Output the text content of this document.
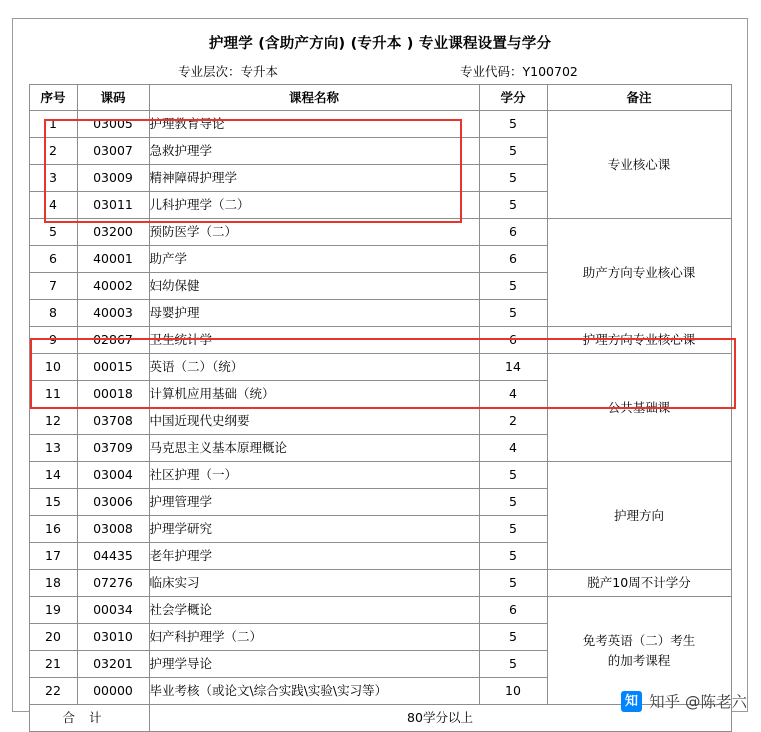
护理学 (含助产方向) (专升本 ) 专业课程设置与学分
专业层次：专升本	专业代码：Y100702
序号	课码	课程名称	学分	备注
1	03005	护理教育导论	5	专业核心课
2	03007	急救护理学	5	
3	03009	精神障碍护理学	5	
4	03011	儿科护理学（二）	5	
5	03200	预防医学（二）	6	助产方向专业核心课
6	40001	助产学	6	
7	40002	妇幼保健	5	
8	40003	母婴护理	5	
9	02867	卫生统计学	6	护理方向专业核心课
10	00015	英语（二）（统）	14	公共基础课
11	00018	计算机应用基础（统）	4	
12	03708	中国近现代史纲要	2	
13	03709	马克思主义基本原理概论	4	
14	03004	社区护理（一）	5	护理方向
15	03006	护理管理学	5	
16	03008	护理学研究	5	
17	04435	老年护理学	5	
18	07276	临床实习	5	脱产10周不计学分
19	00034	社会学概论	6	免考英语（二）考生
的加考课程
20	03010	妇产科护理学（二）	5	
21	03201	护理学导论	5	
22	00000	毕业考核（或论文\综合实践\实验\实习等）	10	
合计		80学分以上		
知 知乎 @陈老六
